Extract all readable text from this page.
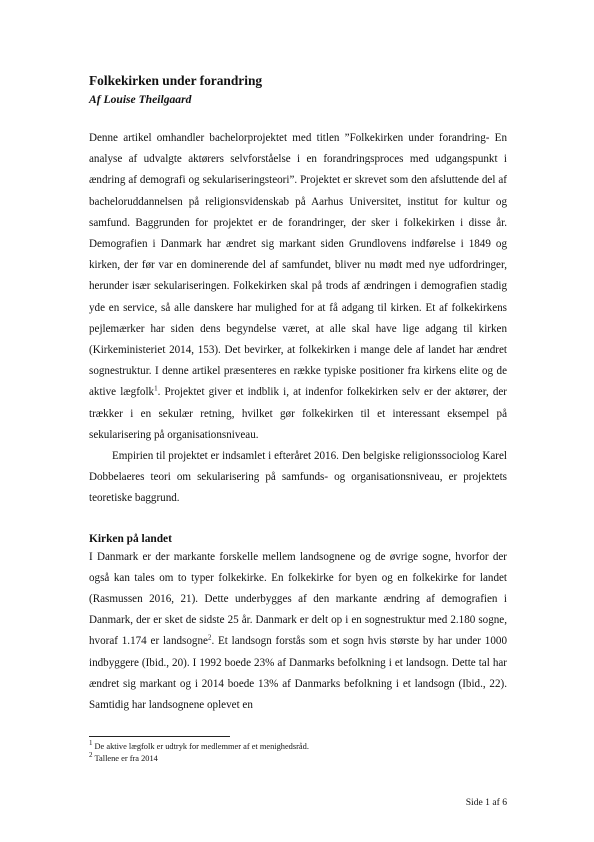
Folkekirken under forandring

Af Louise Theilgaard

Denne artikel omhandler bachelorprojektet med titlen ”Folkekirken under forandring- En analyse af udvalgte aktørers selvforståelse i en forandringsproces med udgangspunkt i ændring af demografi og sekulariseringsteori”. Projektet er skrevet som den afsluttende del af bacheloruddannelsen på religionsvidenskab på Aarhus Universitet, institut for kultur og samfund. Baggrunden for projektet er de forandringer, der sker i folkekirken i disse år. Demografien i Danmark har ændret sig markant siden Grundlovens indførelse i 1849 og kirken, der før var en dominerende del af samfundet, bliver nu mødt med nye udfordringer, herunder især sekulariseringen. Folkekirken skal på trods af ændringen i demografien stadig yde en service, så alle danskere har mulighed for at få adgang til kirken. Et af folkekirkens pejlemærker har siden dens begyndelse været, at alle skal have lige adgang til kirken (Kirkeministeriet 2014, 153). Det bevirker, at folkekirken i mange dele af landet har ændret sognestruktur. I denne artikel præsenteres en række typiske positioner fra kirkens elite og de aktive lægfolk$^1$. Projektet giver et indblik i, at indenfor folkekirken selv er der aktører, der trækker i en sekulær retning, hvilket gør folkekirken til et interessant eksempel på sekularisering på organisationsniveau.

Empirien til projektet er indsamlet i efteråret 2016. Den belgiske religionssociolog Karel Dobbelaeres teori om sekularisering på samfunds- og organisationsniveau, er projektets teoretiske baggrund.

Kirken på landet

I Danmark er der markante forskelle mellem landsognene og de øvrige sogne, hvorfor der også kan tales om to typer folkekirke. En folkekirke for byen og en folkekirke for landet (Rasmussen 2016, 21). Dette underbygges af den markante ændring af demografien i Danmark, der er sket de sidste 25 år. Danmark er delt op i en sognestruktur med 2.180 sogne, hvoraf 1.174 er landsogne$^2$. Et landsogn forstås som et sogn hvis største by har under 1000 indbyggere (Ibid., 20). I 1992 boede 23% af Danmarks befolkning i et landsogn. Dette tal har ændret sig markant og i 2014 boede 13% af Danmarks befolkning i et landsogn (Ibid., 22). Samtidig har landsognene oplevet en

$^1$ De aktive lægfolk er udtryk for medlemmer af et menighedsråd.

$^2$ Tallene er fra 2014

Side 1 af 6
